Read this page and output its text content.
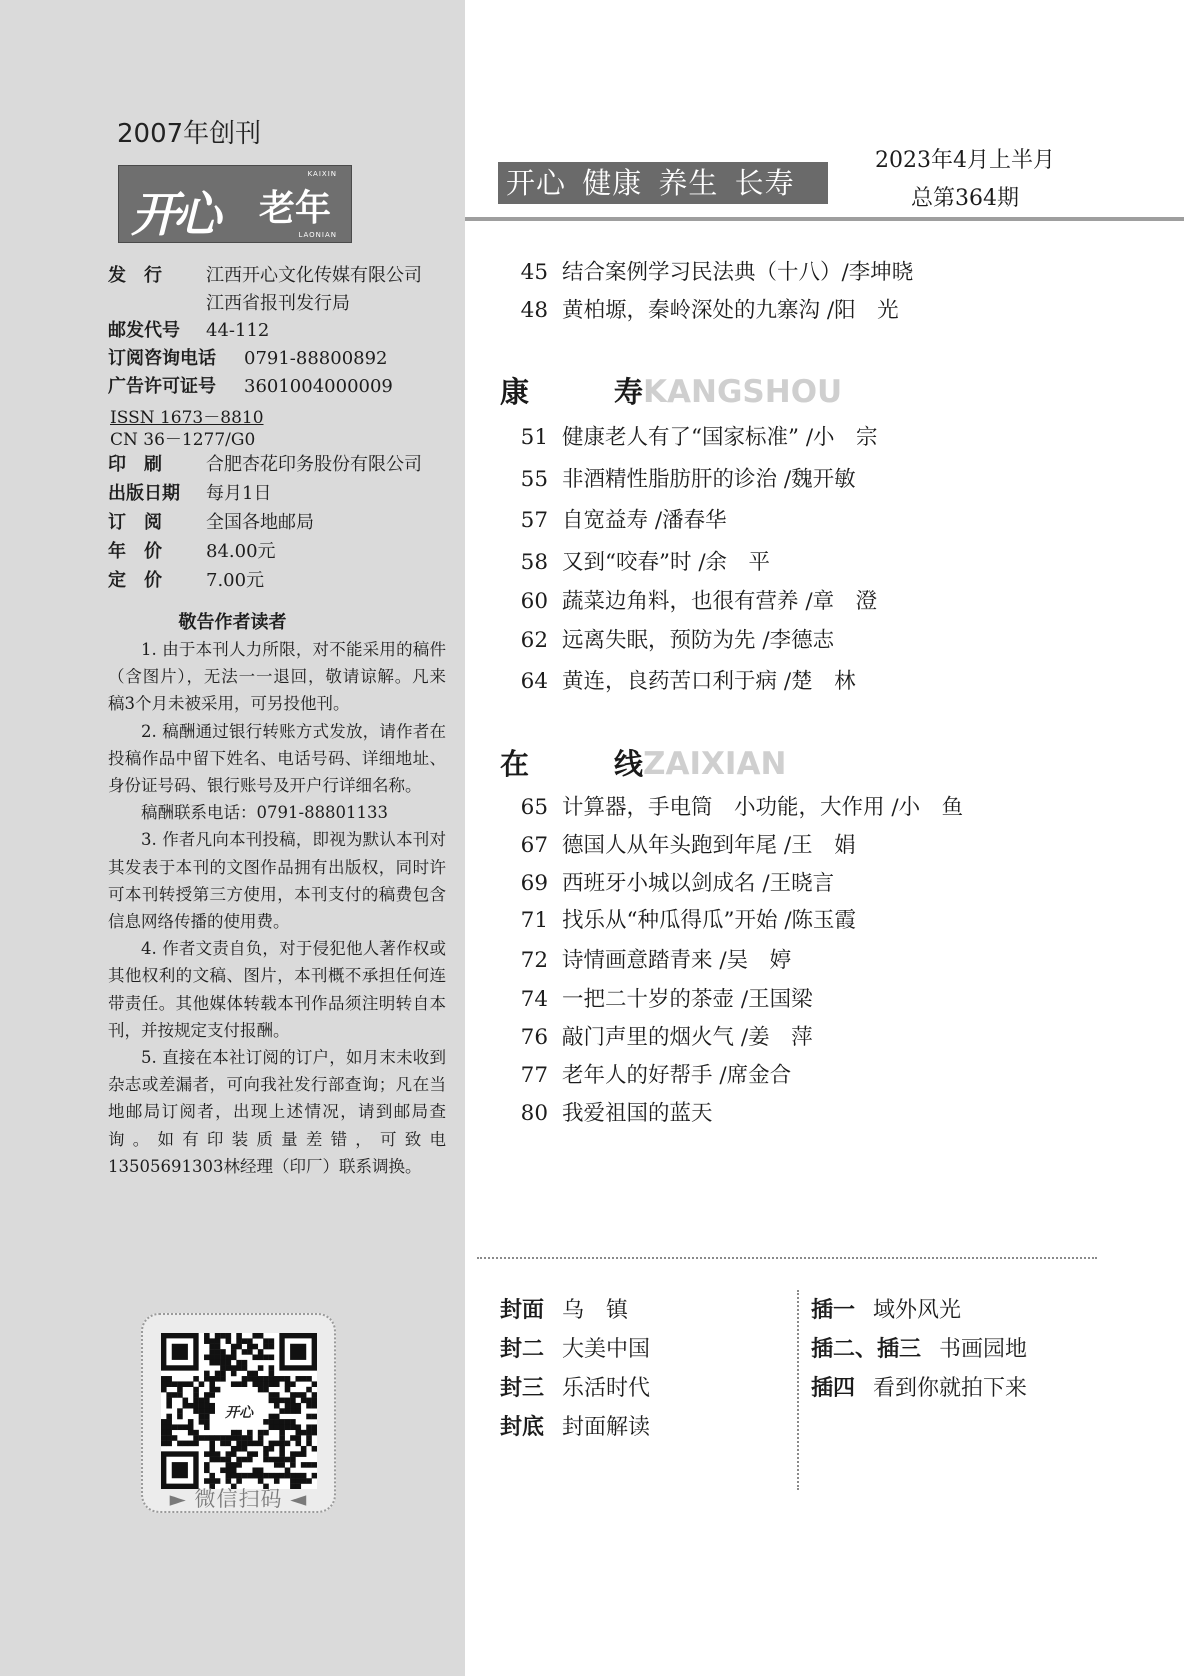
2007年创刊
KAIXIN
开心 老年
LAONIAN
发　行 江西开心文化传媒有限公司
江西省报刊发行局
邮发代号 44-112
订阅咨询电话 0791-88800892
广告许可证号 3601004000009
ISSN 1673－8810
CN 36－1277/G0
印　刷 合肥杏花印务股份有限公司
出版日期 每月1日
订　阅 全国各地邮局
年　价 84.00元
定　价 7.00元
敬告作者读者

1. 由于本刊人力所限，对不能采用的稿件（含图片），无法一一退回，敬请谅解。凡来稿3个月未被采用，可另投他刊。

2. 稿酬通过银行转账方式发放，请作者在投稿作品中留下姓名、电话号码、详细地址、身份证号码、银行账号及开户行详细名称。

稿酬联系电话：0791-88801133

3. 作者凡向本刊投稿，即视为默认本刊对其发表于本刊的文图作品拥有出版权，同时许可本刊转授第三方使用，本刊支付的稿费包含信息网络传播的使用费。

4. 作者文责自负，对于侵犯他人著作权或其他权利的文稿、图片，本刊概不承担任何连带责任。其他媒体转载本刊作品须注明转自本刊，并按规定支付报酬。

5. 直接在本社订阅的订户，如月末未收到杂志或差漏者，可向我社发行部查询；凡在当地邮局订阅者，出现上述情况，请到邮局查询。如有印装质量差错，可致电13505691303林经理（印厂）联系调换。

开心
► 微信扫码 ◄
开心 健康 养生 长寿
2023年4月上半月
总第364期
45 结合案例学习民法典（十八）/李坤晓
48 黄柏塬，秦岭深处的九寨沟 /阳　光
康　寿KANGSHOU
51 健康老人有了“国家标准” /小　宗
55 非酒精性脂肪肝的诊治 /魏开敏
57 自宽益寿 /潘春华
58 又到“咬春”时 /余　平
60 蔬菜边角料，也很有营养 /章　澄
62 远离失眠，预防为先 /李德志
64 黄连，良药苦口利于病 /楚　林
在　线ZAIXIAN
65 计算器，手电筒　小功能，大作用 /小　鱼
67 德国人从年头跑到年尾 /王　娟
69 西班牙小城以剑成名 /王晓言
71 找乐从“种瓜得瓜”开始 /陈玉霞
72 诗情画意踏青来 /吴　婷
74 一把二十岁的茶壶 /王国梁
76 敲门声里的烟火气 /姜　萍
77 老年人的好帮手 /席金合
80 我爱祖国的蓝天
封面 乌　镇
封二 大美中国
封三 乐活时代
封底 封面解读
插一 域外风光
插二、插三 书画园地
插四 看到你就拍下来
